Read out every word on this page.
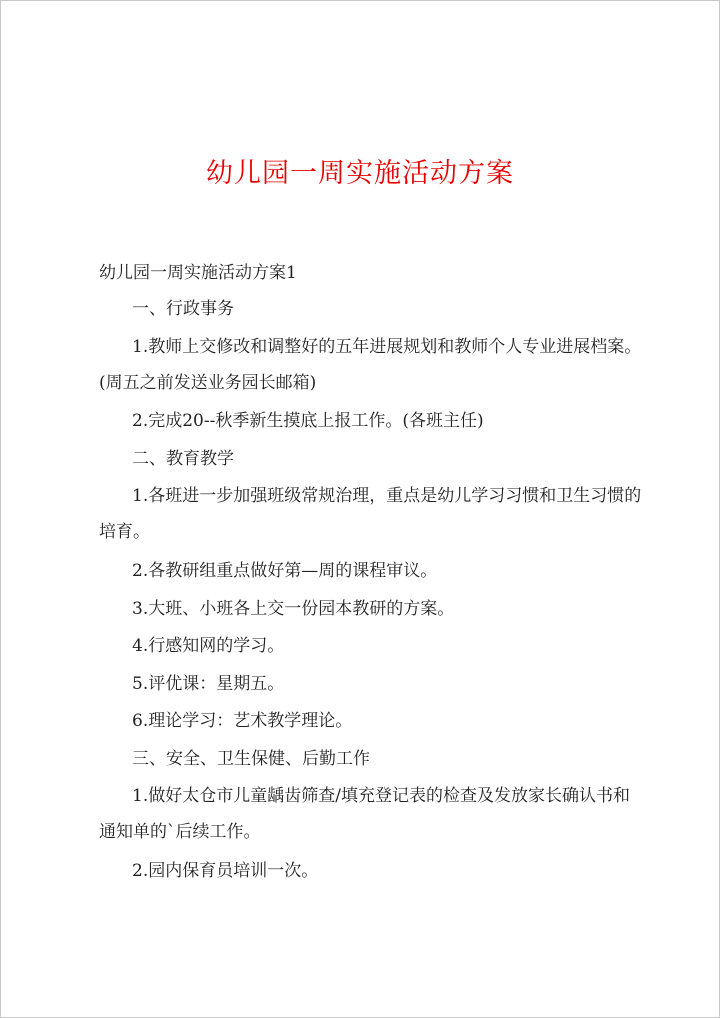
幼儿园一周实施活动方案
幼儿园一周实施活动方案1
一、行政事务
1.教师上交修改和调整好的五年进展规划和教师个人专业进展档案。
(周五之前发送业务园长邮箱)
2.完成20--秋季新生摸底上报工作。(各班主任)
二、教育教学
1.各班进一步加强班级常规治理，重点是幼儿学习习惯和卫生习惯的
培育。
2.各教研组重点做好第—周的课程审议。
3.大班、小班各上交一份园本教研的方案。
4.行感知网的学习。
5.评优课：星期五。
6.理论学习：艺术教学理论。
三、安全、卫生保健、后勤工作
1.做好太仓市儿童龋齿筛查/填充登记表的检查及发放家长确认书和
通知单的`后续工作。
2.园内保育员培训一次。
